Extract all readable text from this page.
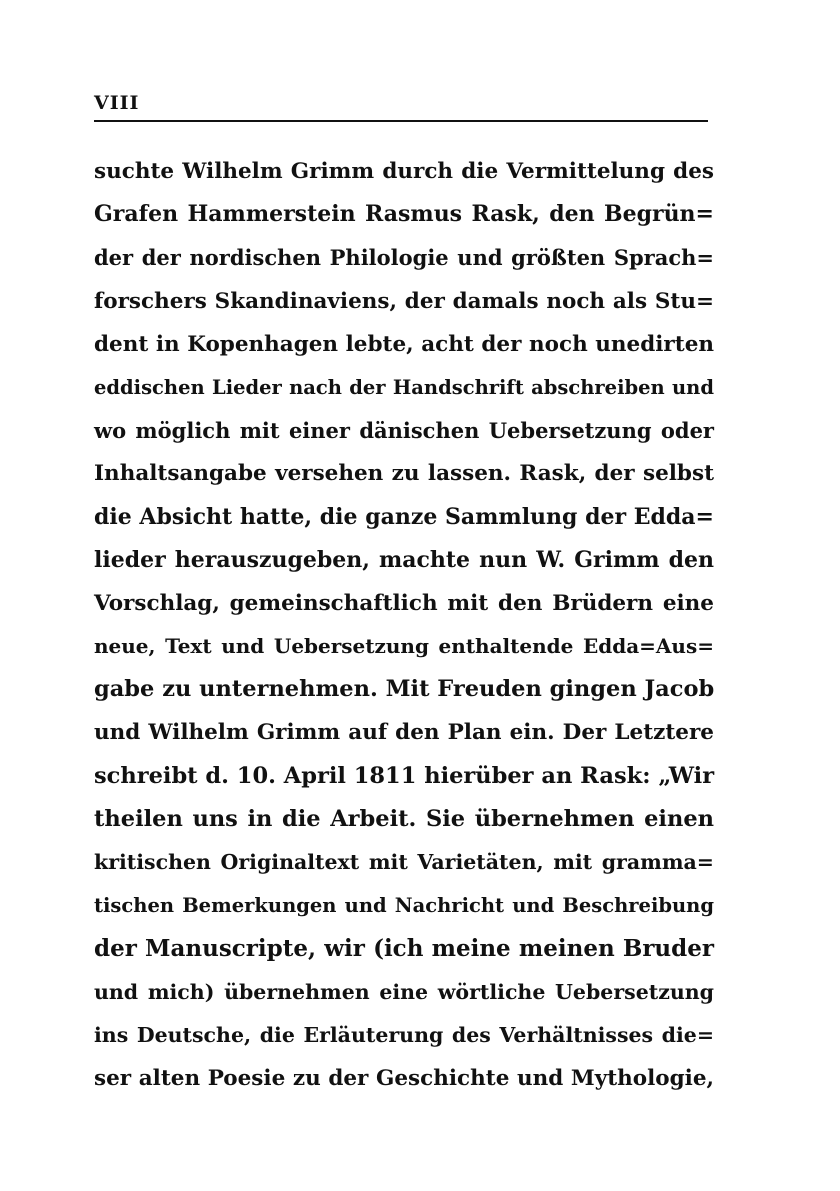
VIII
suchte Wilhelm Grimm durch die Vermittelung des
Grafen Hammerstein Rasmus Rask, den Begrün=
der der nordischen Philologie und größten Sprach=
forschers Skandinaviens, der damals noch als Stu=
dent in Kopenhagen lebte, acht der noch unedirten
eddischen Lieder nach der Handschrift abschreiben und
wo möglich mit einer dänischen Uebersetzung oder
Inhaltsangabe versehen zu lassen. Rask, der selbst
die Absicht hatte, die ganze Sammlung der Edda=
lieder herauszugeben, machte nun W. Grimm den
Vorschlag, gemeinschaftlich mit den Brüdern eine
neue, Text und Uebersetzung enthaltende Edda=Aus=
gabe zu unternehmen. Mit Freuden gingen Jacob
und Wilhelm Grimm auf den Plan ein. Der Letztere
schreibt d. 10. April 1811 hierüber an Rask: „Wir
theilen uns in die Arbeit. Sie übernehmen einen
kritischen Originaltext mit Varietäten, mit gramma=
tischen Bemerkungen und Nachricht und Beschreibung
der Manuscripte, wir (ich meine meinen Bruder
und mich) übernehmen eine wörtliche Uebersetzung
ins Deutsche, die Erläuterung des Verhältnisses die=
ser alten Poesie zu der Geschichte und Mythologie,
